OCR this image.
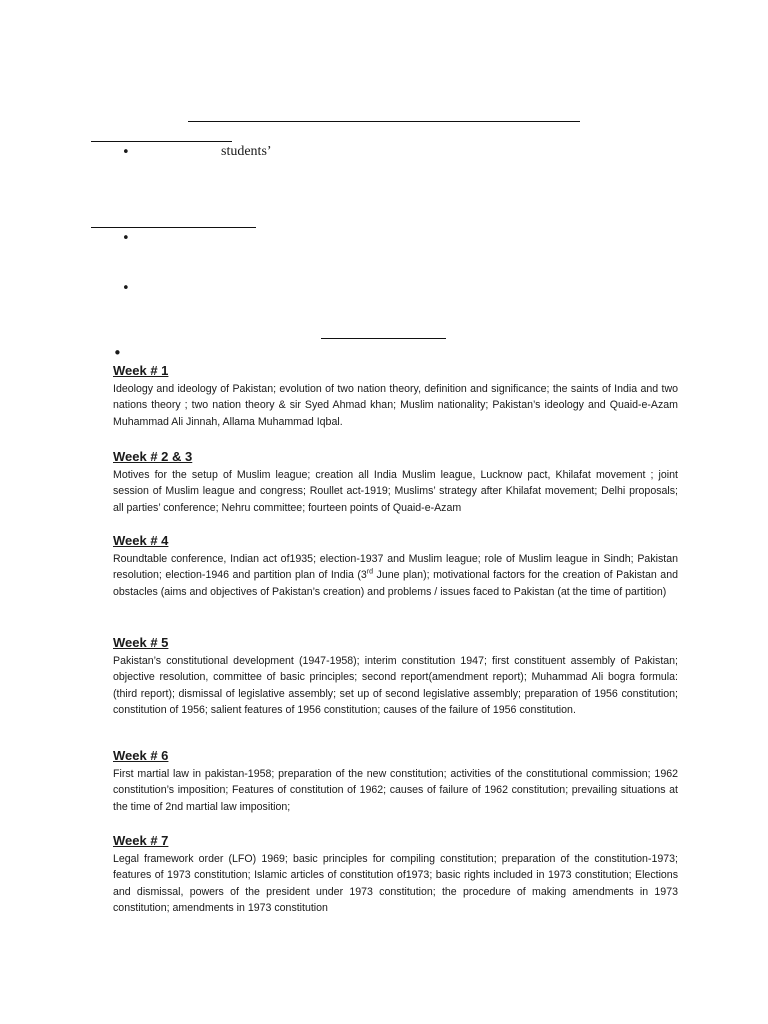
•	students’
•
•
•
Week # 1

Ideology and ideology of Pakistan; evolution of two nation theory, definition and significance; the saints of India and two nations theory ; two nation theory & sir Syed Ahmad khan; Muslim nationality; Pakistan’s ideology and Quaid-e-Azam Muhammad Ali Jinnah, Allama Muhammad Iqbal.

Week # 2 & 3

Motives for the setup of Muslim league; creation all India Muslim league, Lucknow pact, Khilafat movement ; joint session of Muslim league and congress; Roullet act-1919; Muslims’ strategy after Khilafat movement; Delhi proposals; all parties’ conference; Nehru committee; fourteen points of Quaid-e-Azam

Week # 4

Roundtable conference, Indian act of1935; election-1937 and Muslim league; role of Muslim league in Sindh; Pakistan resolution; election-1946 and partition plan of India (3rd June plan); motivational factors for the creation of Pakistan and obstacles (aims and objectives of Pakistan’s creation) and problems / issues faced to Pakistan (at the time of partition)

Week # 5

Pakistan’s constitutional development (1947-1958); interim constitution 1947; first constituent assembly of Pakistan; objective resolution, committee of basic principles; second report(amendment report); Muhammad Ali bogra formula: (third report); dismissal of legislative assembly; set up of second legislative assembly; preparation of 1956 constitution; constitution of 1956; salient features of 1956 constitution; causes of the failure of 1956 constitution.

Week # 6

First martial law in pakistan-1958; preparation of the new constitution; activities of the constitutional commission; 1962 constitution’s imposition; Features of constitution of 1962; causes of failure of 1962 constitution; prevailing situations at the time of 2nd martial law imposition;

Week # 7

Legal framework order (LFO) 1969; basic principles for compiling constitution; preparation of the constitution-1973; features of 1973 constitution; Islamic articles of constitution of1973; basic rights included in 1973 constitution; Elections and dismissal, powers of the president under 1973 constitution; the procedure of making amendments in 1973 constitution; amendments in 1973 constitution
